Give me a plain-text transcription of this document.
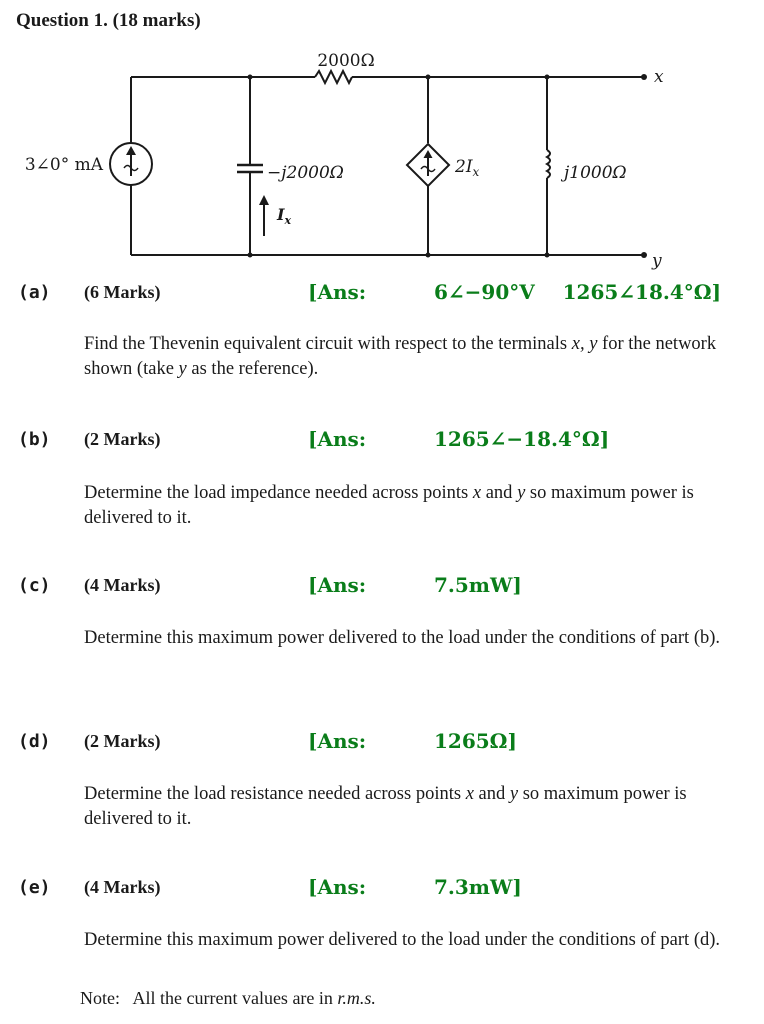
Question 1. (18 marks)
2000Ω
3∠0° mA	−j2000Ω
$I_x$
$2I_x$	j1000Ω
x
y
(a) (6 Marks)	[Ans:	6∠−90°V    1265∠18.4°Ω]
Find the Thevenin equivalent circuit with respect to the terminals x, y for the network shown (take y as the reference).
(b) (2 Marks)	[Ans:	1265∠−18.4°Ω]
Determine the load impedance needed across points x and y so maximum power is delivered to it.
(c) (4 Marks)	[Ans:	7.5mW]
Determine this maximum power delivered to the load under the conditions of part (b).
(d) (2 Marks)	[Ans:	1265Ω]
Determine the load resistance needed across points x and y so maximum power is delivered to it.
(e) (4 Marks)	[Ans:	7.3mW]
Determine this maximum power delivered to the load under the conditions of part (d).
Note:   All the current values are in r.m.s.
